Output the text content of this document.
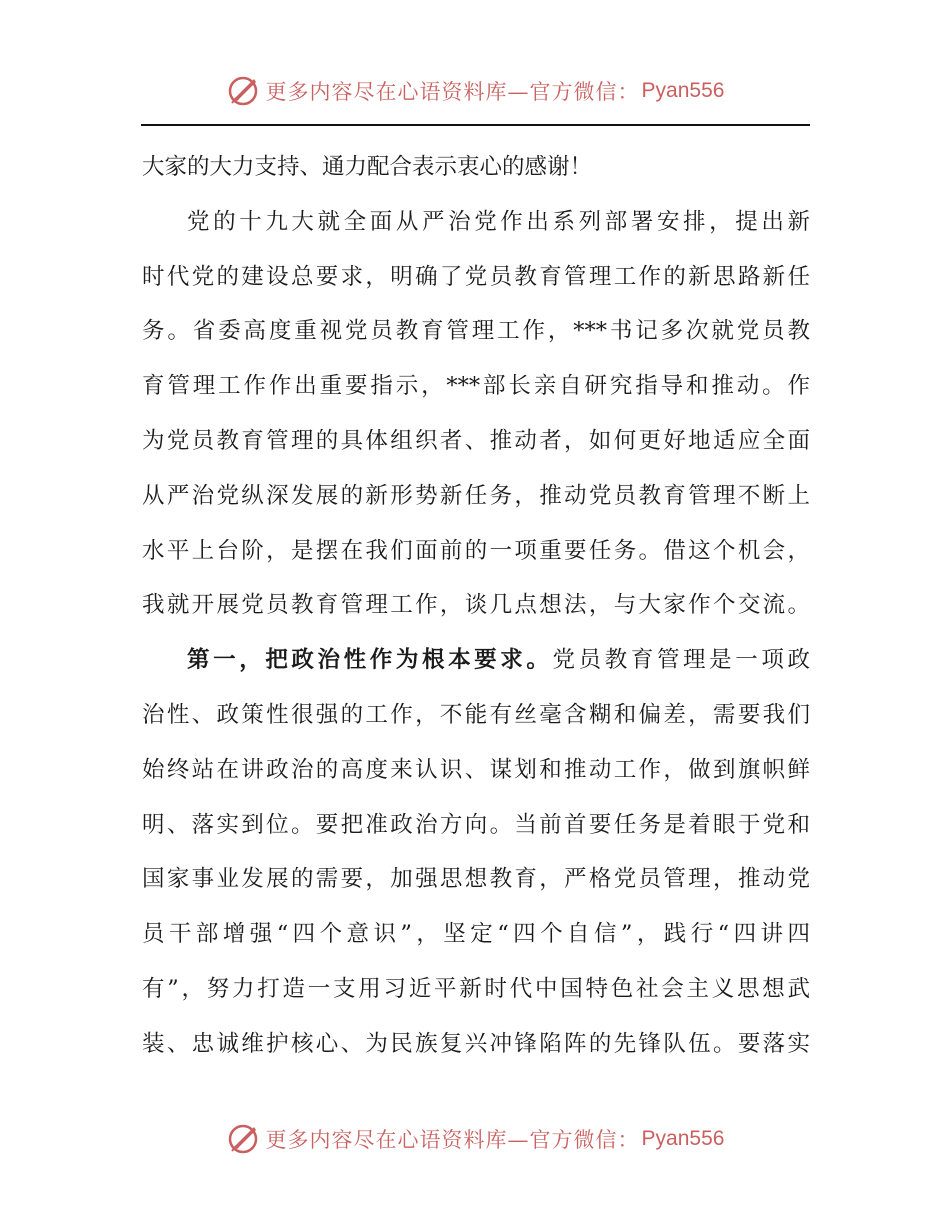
更多内容尽在心语资料库—官方微信： Pyan556
大家的大力支持、通力配合表示衷心的感谢！
党的十九大就全面从严治党作出系列部署安排，提出新
时代党的建设总要求，明确了党员教育管理工作的新思路新任
务。省委高度重视党员教育管理工作，***书记多次就党员教
育管理工作作出重要指示，***部长亲自研究指导和推动。作
为党员教育管理的具体组织者、推动者，如何更好地适应全面
从严治党纵深发展的新形势新任务，推动党员教育管理不断上
水平上台阶，是摆在我们面前的一项重要任务。借这个机会，
我就开展党员教育管理工作，谈几点想法，与大家作个交流。
第一，把政治性作为根本要求。党员教育管理是一项政
治性、政策性很强的工作，不能有丝毫含糊和偏差，需要我们
始终站在讲政治的高度来认识、谋划和推动工作，做到旗帜鲜
明、落实到位。要把准政治方向。当前首要任务是着眼于党和
国家事业发展的需要，加强思想教育，严格党员管理，推动党
员干部增强“四个意识”，坚定“四个自信”，践行“四讲四
有”，努力打造一支用习近平新时代中国特色社会主义思想武
装、忠诚维护核心、为民族复兴冲锋陷阵的先锋队伍。要落实
更多内容尽在心语资料库—官方微信： Pyan556
